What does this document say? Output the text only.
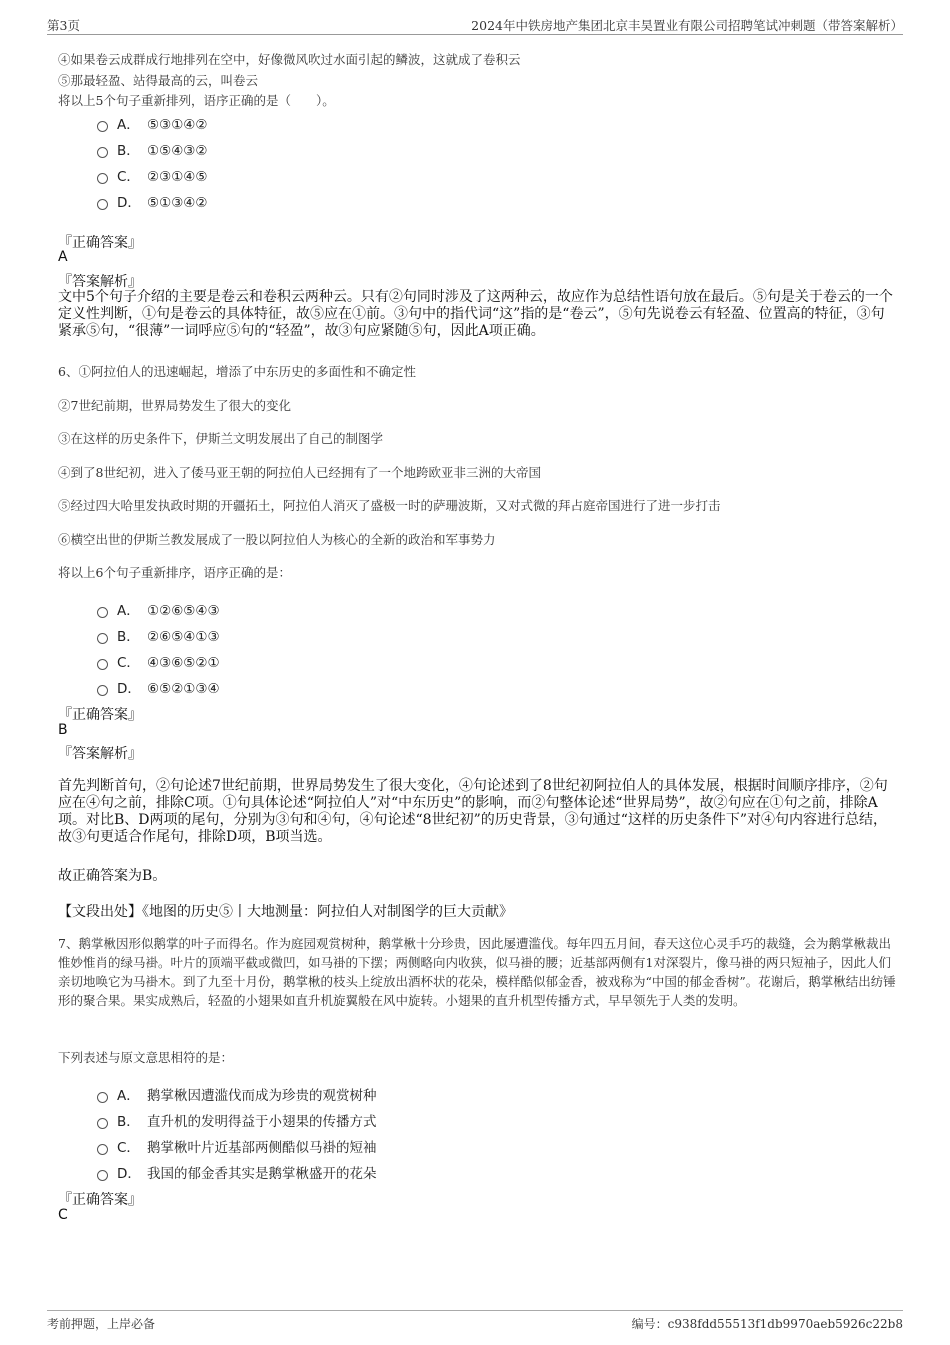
第3页	2024年中铁房地产集团北京丰昊置业有限公司招聘笔试冲刺题（带答案解析）
④如果卷云成群成行地排列在空中，好像微风吹过水面引起的鳞波，这就成了卷积云
⑤那最轻盈、站得最高的云，叫卷云
将以上5个句子重新排列，语序正确的是（　　）。
A． ⑤③①④②
B． ①⑤④③②
C． ②③①④⑤
D． ⑤①③④②
『正确答案』
A
『答案解析』
文中5个句子介绍的主要是卷云和卷积云两种云。只有②句同时涉及了这两种云，故应作为总结性语句放在最后。⑤句是关于卷云的一个定义性判断，①句是卷云的具体特征，故⑤应在①前。③句中的指代词“这”指的是“卷云”，⑤句先说卷云有轻盈、位置高的特征，③句紧承⑤句，“很薄”一词呼应⑤句的“轻盈”，故③句应紧随⑤句，因此A项正确。
6、①阿拉伯人的迅速崛起，增添了中东历史的多面性和不确定性
②7世纪前期，世界局势发生了很大的变化
③在这样的历史条件下，伊斯兰文明发展出了自己的制图学
④到了8世纪初，进入了倭马亚王朝的阿拉伯人已经拥有了一个地跨欧亚非三洲的大帝国
⑤经过四大哈里发执政时期的开疆拓土，阿拉伯人消灭了盛极一时的萨珊波斯，又对式微的拜占庭帝国进行了进一步打击
⑥横空出世的伊斯兰教发展成了一股以阿拉伯人为核心的全新的政治和军事势力
将以上6个句子重新排序，语序正确的是：
A． ①②⑥⑤④③
B． ②⑥⑤④①③
C． ④③⑥⑤②①
D． ⑥⑤②①③④
『正确答案』
B
『答案解析』
首先判断首句，②句论述7世纪前期，世界局势发生了很大变化，④句论述到了8世纪初阿拉伯人的具体发展，根据时间顺序排序，②句应在④句之前，排除C项。①句具体论述“阿拉伯人”对“中东历史”的影响，而②句整体论述“世界局势”，故②句应在①句之前，排除A项。对比B、D两项的尾句，分别为③句和④句，④句论述“8世纪初”的历史背景，③句通过“这样的历史条件下”对④句内容进行总结，故③句更适合作尾句，排除D项，B项当选。
故正确答案为B。
【文段出处】《地图的历史⑤丨大地测量：阿拉伯人对制图学的巨大贡献》
7、鹅掌楸因形似鹅掌的叶子而得名。作为庭园观赏树种，鹅掌楸十分珍贵，因此屡遭滥伐。每年四五月间，春天这位心灵手巧的裁缝，会为鹅掌楸裁出惟妙惟肖的绿马褂。叶片的顶端平截或微凹，如马褂的下摆；两侧略向内收狭，似马褂的腰；近基部两侧有1对深裂片，像马褂的两只短袖子，因此人们亲切地唤它为马褂木。到了九至十月份，鹅掌楸的枝头上绽放出酒杯状的花朵，模样酷似郁金香，被戏称为“中国的郁金香树”。花谢后，鹅掌楸结出纺锤形的聚合果。果实成熟后，轻盈的小翅果如直升机旋翼般在风中旋转。小翅果的直升机型传播方式，早早领先于人类的发明。
下列表述与原文意思相符的是：
A． 鹅掌楸因遭滥伐而成为珍贵的观赏树种
B． 直升机的发明得益于小翅果的传播方式
C． 鹅掌楸叶片近基部两侧酷似马褂的短袖
D． 我国的郁金香其实是鹅掌楸盛开的花朵
『正确答案』
C
考前押题，上岸必备	编号：c938fdd55513f1db9970aeb5926c22b8
